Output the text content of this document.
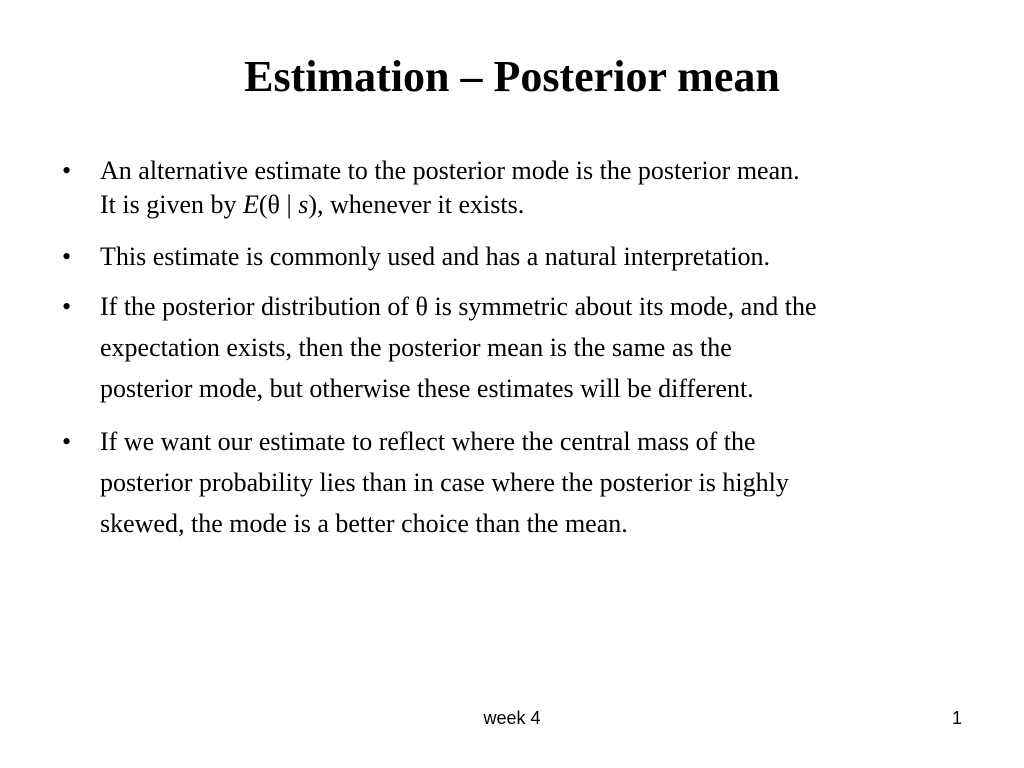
Estimation – Posterior mean
•	An alternative estimate to the posterior mode is the posterior mean.
It is given by E(θ | s), whenever it exists.
•	This estimate is commonly used and has a natural interpretation.
•	If the posterior distribution of θ is symmetric about its mode, and the
expectation exists, then the posterior mean is the same as the
posterior mode, but otherwise these estimates will be different.
•	If we want our estimate to reflect where the central mass of the
posterior probability lies than in case where the posterior is highly
skewed, the mode is a better choice than the mean.
week 4	1
